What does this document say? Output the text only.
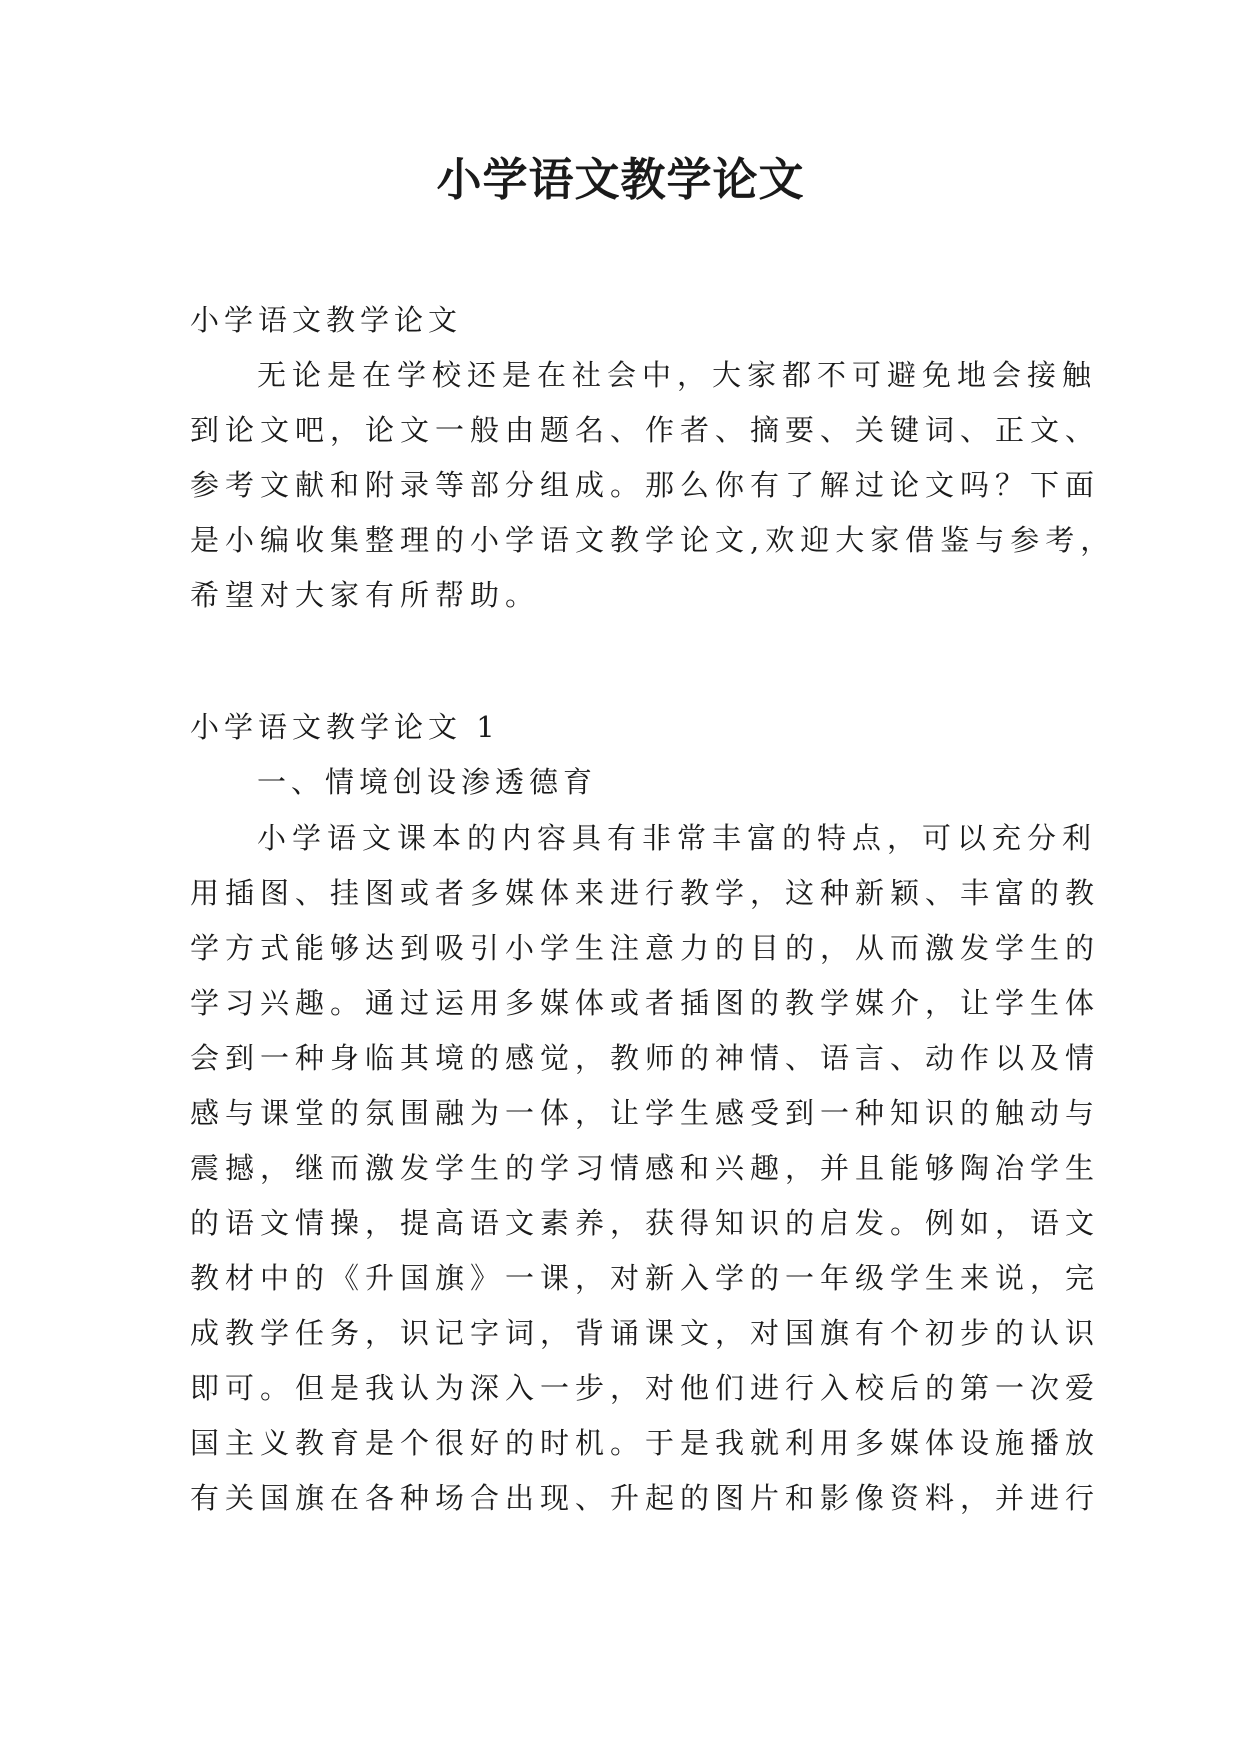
小学语文教学论文

小学语文教学论文

无论是在学校还是在社会中，大家都不可避免地会接触

到论文吧，论文一般由题名、作者、摘要、关键词、正文、

参考文献和附录等部分组成。那么你有了解过论文吗？下面

是小编收集整理的小学语文教学论文,欢迎大家借鉴与参考，

希望对大家有所帮助。

小学语文教学论文 1

一、情境创设渗透德育

小学语文课本的内容具有非常丰富的特点，可以充分利

用插图、挂图或者多媒体来进行教学，这种新颖、丰富的教

学方式能够达到吸引小学生注意力的目的，从而激发学生的

学习兴趣。通过运用多媒体或者插图的教学媒介，让学生体

会到一种身临其境的感觉，教师的神情、语言、动作以及情

感与课堂的氛围融为一体，让学生感受到一种知识的触动与

震撼，继而激发学生的学习情感和兴趣，并且能够陶冶学生

的语文情操，提高语文素养，获得知识的启发。例如，语文

教材中的《升国旗》一课，对新入学的一年级学生来说，完

成教学任务，识记字词，背诵课文，对国旗有个初步的认识

即可。但是我认为深入一步，对他们进行入校后的第一次爱

国主义教育是个很好的时机。于是我就利用多媒体设施播放

有关国旗在各种场合出现、升起的图片和影像资料，并进行
